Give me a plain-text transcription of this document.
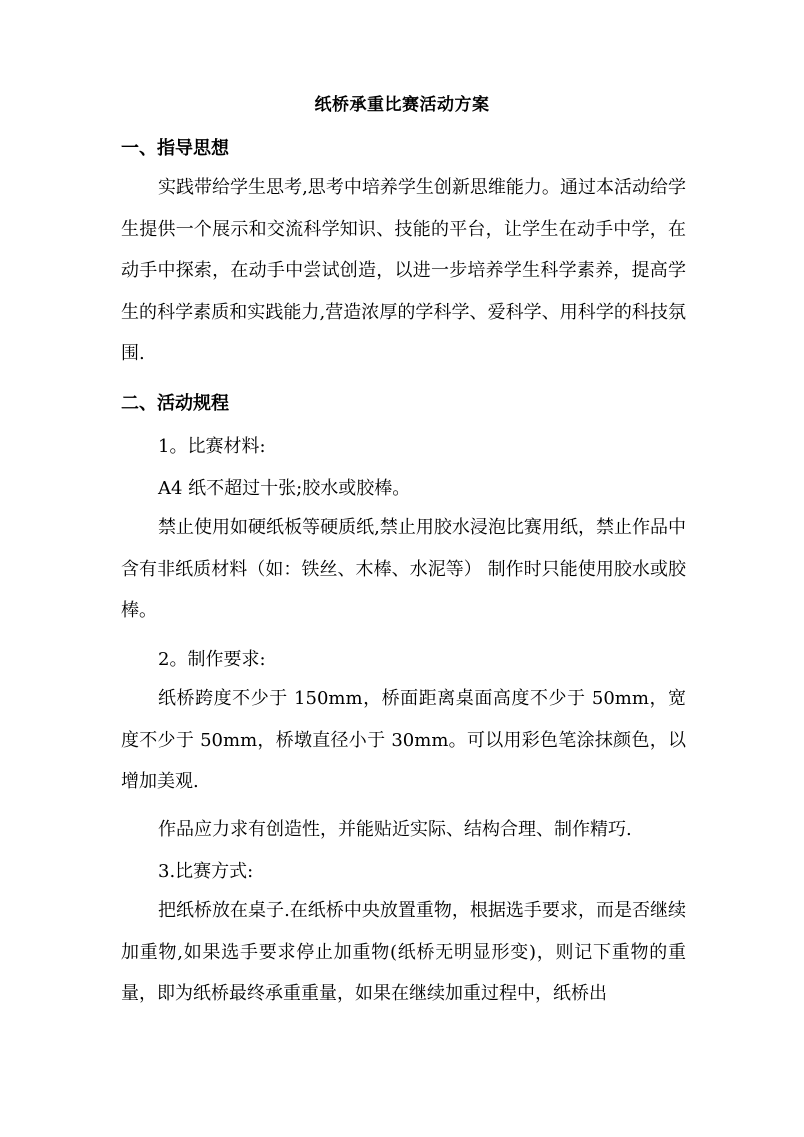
纸桥承重比赛活动方案
一、指导思想

实践带给学生思考,思考中培养学生创新思维能力。通过本活动给学生提供一个展示和交流科学知识、技能的平台，让学生在动手中学，在动手中探索，在动手中尝试创造，以进一步培养学生科学素养，提高学生的科学素质和实践能力,营造浓厚的学科学、爱科学、用科学的科技氛围.

二、活动规程
1。比赛材料:
A4 纸不超过十张;胶水或胶棒。

禁止使用如硬纸板等硬质纸,禁止用胶水浸泡比赛用纸，禁止作品中含有非纸质材料（如：铁丝、木棒、水泥等） 制作时只能使用胶水或胶棒。

2。制作要求:

纸桥跨度不少于 150mm，桥面距离桌面高度不少于 50mm，宽度不少于 50mm，桥墩直径小于 30mm。可以用彩色笔涂抹颜色，以增加美观.

作品应力求有创造性，并能贴近实际、结构合理、制作精巧.
3.比赛方式:

把纸桥放在桌子.在纸桥中央放置重物，根据选手要求，而是否继续加重物,如果选手要求停止加重物(纸桥无明显形变)，则记下重物的重量，即为纸桥最终承重重量，如果在继续加重过程中，纸桥出
